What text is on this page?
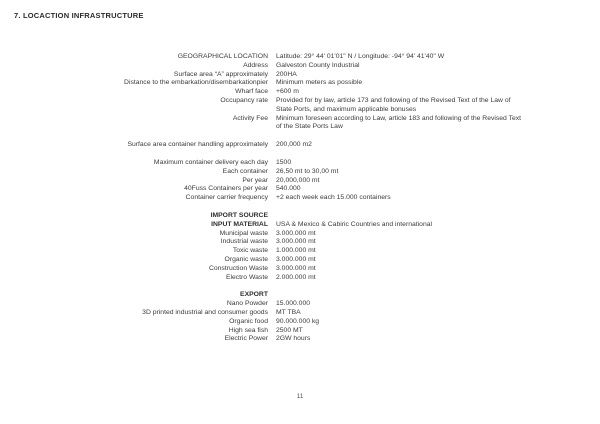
7. LOCACTION INFRASTRUCTURE
GEOGRAPHICAL LOCATION Latitude: 29° 44' 01'01" N / Longitude: -94° 94' 41'40" W
Address Galveston County Industrial
Surface area “A” approximately 200HA
Distance to the embarkation/disembarkationpier Minimum meters as possible
Wharf face +600 m
Occupancy rate Provided for by law, article 173 and following of the Revised Text of the Law of State Ports, and maximum applicable bonuses
Activity Fee Minimum foreseen according to Law, article 183 and following of the Revised Text of the State Ports Law
Surface area container handling approximately 200,000 m2
Maximum container delivery each day 1500
Each container 26,50 mt to 30,00 mt
Per year 20,000,000 mt
40Fuss Containers per year 540.000
Container carrier frequency +2 each week each 15.000 containers
IMPORT SOURCE
INPUT MATERIAL USA & Mexico & Cabiric Countries and international
Municipal waste 3.000.000 mt
Industrial waste 3.000.000 mt
Toxic waste 1.000.000 mt
Organic waste 3.000.000 mt
Construction Waste 3.000.000 mt
Electro Waste 2.000.000 mt
EXPORT
Nano Powder 15.000.000
3D printed industrial and consumer goods MT TBA
Organic food 90.000.000 kg
High sea fish 2500 MT
Electric Power 2GW hours
11
